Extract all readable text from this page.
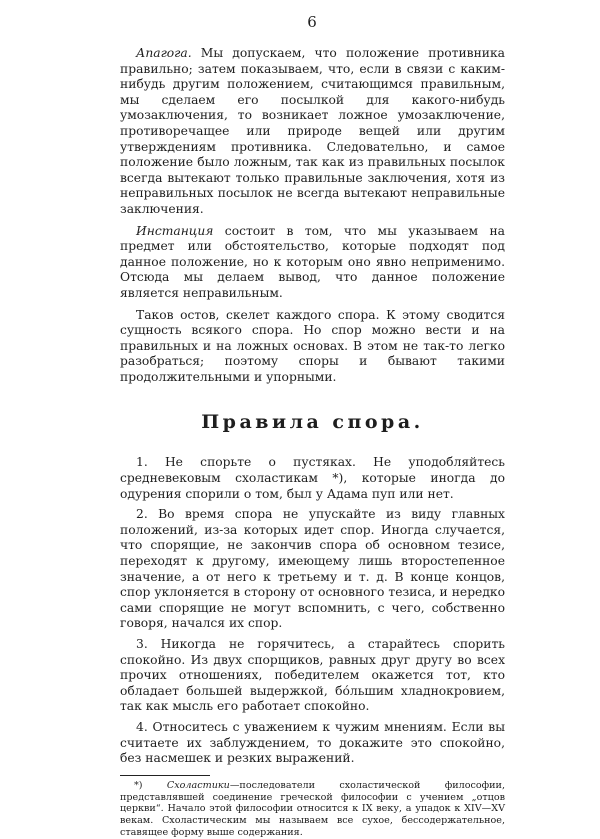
6

Апагога. Мы допускаем, что положение противника правильно; затем показываем, что, если в связи с каким-нибудь другим положением, считающимся правильным, мы сделаем его посылкой для какого-нибудь умозаключения, то возникает ложное умозаключение, противоречащее или природе вещей или другим утверждениям противника. Следовательно, и самое положение было ложным, так как из правильных посылок всегда вытекают только правильные заключения, хотя из неправильных посылок не всегда вытекают неправильные заключения.

Инстанция состоит в том, что мы указываем на предмет или обстоятельство, которые подходят под данное положение, но к которым оно явно неприменимо. Отсюда мы делаем вывод, что данное положение является неправильным.

Таков остов, скелет каждого спора. К этому сводится сущность всякого спора. Но спор можно вести и на правильных и на ложных основах. В этом не так-то легко разобраться; поэтому споры и бывают такими продолжительными и упорными.

Правила спора.

1. Не спорьте о пустяках. Не уподобляйтесь средневековым схоластикам *), которые иногда до одурения спорили о том, был у Адама пуп или нет.

2. Во время спора не упускайте из виду главных положений, из-за которых идет спор. Иногда случается, что спорящие, не закончив спора об основном тезисе, переходят к другому, имеющему лишь второстепенное значение, а от него к третьему и т. д. В конце концов, спор уклоняется в сторону от основного тезиса, и нередко сами спорящие не могут вспомнить, с чего, собственно говоря, начался их спор.

3. Никогда не горячитесь, а старайтесь спорить спокойно. Из двух спорщиков, равных друг другу во всех прочих отношениях, победителем окажется тот, кто обладает большей выдержкой, бо́льшим хладнокровием, так как мысль его работает спокойно.

4. Относитесь с уважением к чужим мнениям. Если вы считаете их заблуждением, то докажите это спокойно, без насмешек и резких выражений.

*) Схоластики—последователи схоластической философии, представлявшей соединение греческой философии с учением „отцов церкви“. Начало этой философии относится к IX веку, а упадок к XIV—XV векам. Схоластическим мы называем все сухое, бессодержательное, ставящее форму выше содержания.
